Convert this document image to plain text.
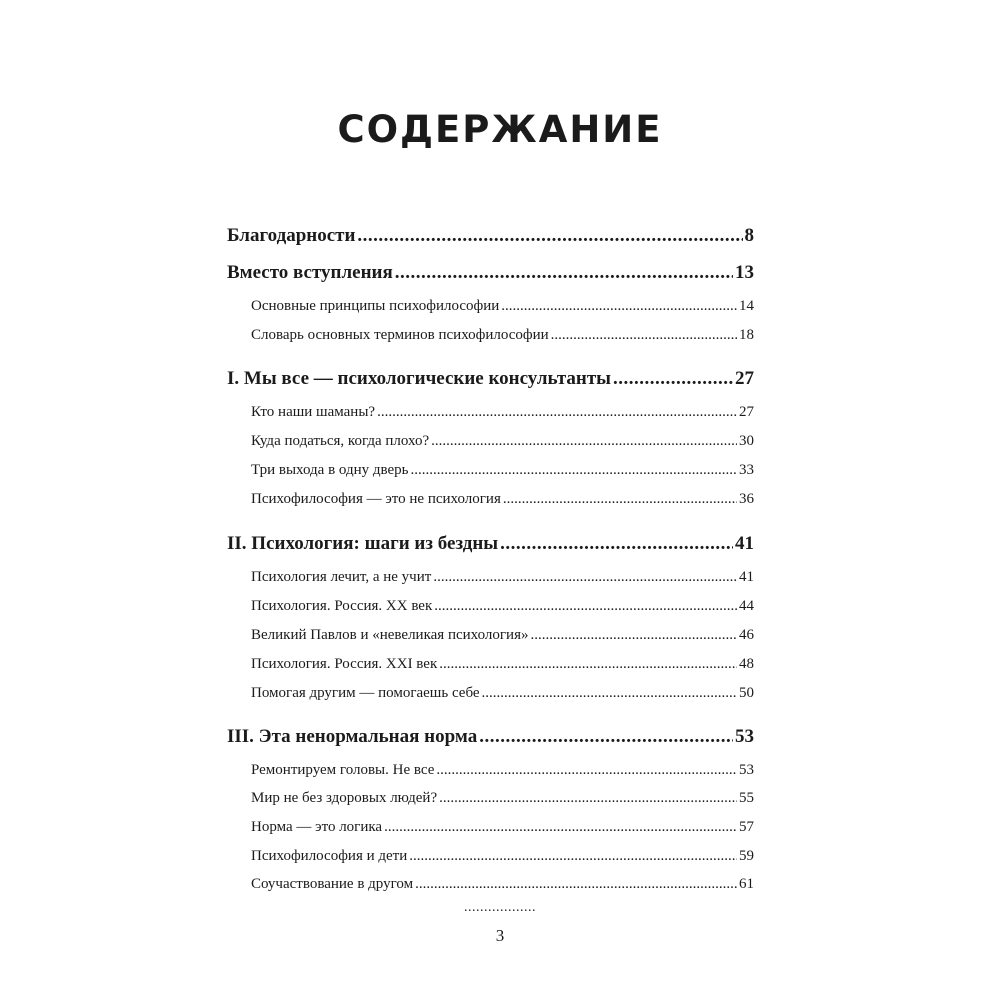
СОДЕРЖАНИЕ
Благодарности .....	8
Вместо вступления .....	13
Основные принципы психофилософии .....	14
Словарь основных терминов психофилософии .....	18
I. Мы все — психологические консультанты .....	27
Кто наши шаманы? .....	27
Куда податься, когда плохо? .....	30
Три выхода в одну дверь .....	33
Психофилософия — это не психология .....	36
II. Психология: шаги из бездны .....	41
Психология лечит, а не учит .....	41
Психология. Россия. XX век .....	44
Великий Павлов и «невеликая психология» .....	46
Психология. Россия. XXI век .....	48
Помогая другим — помогаешь себе .....	50
III. Эта ненормальная норма .....	53
Ремонтируем головы. Не все .....	53
Мир не без здоровых людей? .....	55
Норма — это логика .....	57
Психофилософия и дети .....	59
Соучаствование в другом .....	61
..................
3
